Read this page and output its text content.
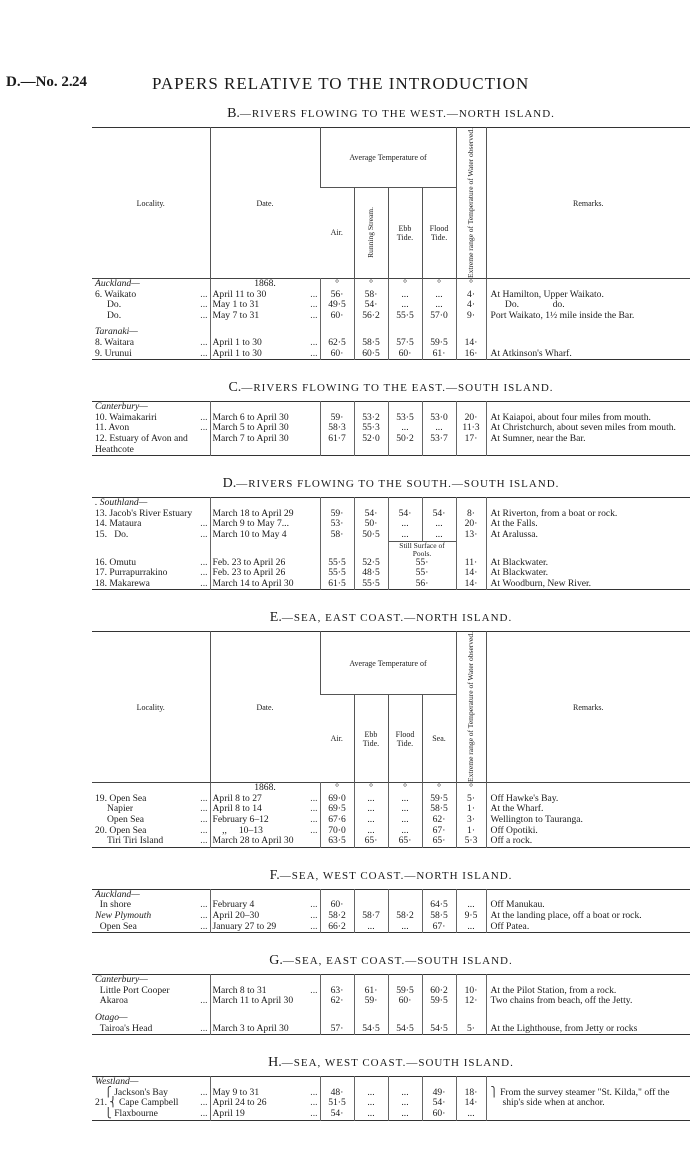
D.—No. 2. 24	PAPERS RELATIVE TO THE INTRODUCTION
B.—RIVERS FLOWING TO THE WEST.—NORTH ISLAND.
Locality.	Date.	Average Temperature of				Extreme range of Temperature of Water observed.	Remarks.
		Air.	Running Stream.	Ebb Tide.	Flood Tide.		

Auckland—	1868.	°	°	°	°	°	

6. Waikato ...	April 11 to 30 ...	56·	58·	...	...	4·	At Hamilton, Upper Waikato.

Do. ...	May 1 to 31 ...	49·5	54·	...	...	4·	Do.              do.

Do. ...	May 7 to 31 ...	60·	56·2	55·5	57·0	9·	Port Waikato, 1½ mile inside the Bar.

Taranaki—							

8. Waitara ...	April 1 to 30 ...	62·5	58·5	57·5	59·5	14·	

9. Urunui ...	April 1 to 30 ...	60·	60·5	60·	61·	16·	At Atkinson's Wharf.
C.—RIVERS FLOWING TO THE EAST.—SOUTH ISLAND.
Canterbury—							

10. Waimakariri ...	March 6 to April 30	59·	53·2	53·5	53·0	20·	At Kaiapoi, about four miles from mouth.

11. Avon ...	March 5 to April 30	58·3	55·3	...	...	11·3	At Christchurch, about seven miles from mouth.

12. Estuary of Avon and Heathcote	March 7 to April 30	61·7	52·0	50·2	53·7	17·	At Sumner, near the Bar.
D.—RIVERS FLOWING TO THE SOUTH.—SOUTH ISLAND.
. Southland—							

13. Jacob's River Estuary	March 18 to April 29	59·	54·	54·	54·	8·	At Riverton, from a boat or rock.

14. Mataura ...	March 9 to May 7...	53·	50·	...	...	20·	At the Falls.

15.   Do. ...	March 10 to May 4	58·	50·5	...	...	13·	At Aralussa.

				Still Surface of Pools.			

16. Omutu ...	Feb. 23 to April 26	55·5	52·5	55·		11·	At Blackwater.

17. Purrapurrakino ...	Feb. 23 to April 26	55·5	48·5	55·		14·	At Blackwater.

18. Makarewa ...	March 14 to April 30	61·5	55·5	56·		14·	At Woodburn, New River.
E.—SEA, EAST COAST.—NORTH ISLAND.
Locality.	Date.	Average Temperature of				Extreme range of Temperature of Water observed.	Remarks.
		Air.	Ebb Tide.	Flood Tide.	Sea.		

	1868.	°	°	°	°	°	

19. Open Sea ...	April 8 to 27 ...	69·0	...	...	59·5	5·	Off Hawke's Bay.

Napier ...	April 8 to 14 ...	69·5	...	...	58·5	1·	At the Wharf.

Open Sea ...	February 6–12 ...	67·6	...	...	62·	3·	Wellington to Tauranga.

20. Open Sea ...	,,     10–13 ...	70·0	...	...	67·	1·	Off Opotiki.

Tiri Tiri Island ...	March 28 to April 30	63·5	65·	65·	65·	5·3	Off a rock.
F.—SEA, WEST COAST.—NORTH ISLAND.
Auckland—							

In shore ...	February 4 ...	60·			64·5	...	Off Manukau.

New Plymouth ...	April 20–30 ...	58·2	58·7	58·2	58·5	9·5	At the landing place, off a boat or rock.

Open Sea ...	January 27 to 29 ...	66·2	...	...	67·	...	Off Patea.
G.—SEA, EAST COAST.—SOUTH ISLAND.
Canterbury—							

Little Port Cooper	March 8 to 31 ...	63·	61·	59·5	60·2	10·	At the Pilot Station, from a rock.

Akaroa ...	March 11 to April 30	62·	59·	60·	59·5	12·	Two chains from beach, off the Jetty.

Otago—							

Tairoa's Head ...	March 3 to April 30	57·	54·5	54·5	54·5	5·	At the Lighthouse, from Jetty or rocks
H.—SEA, WEST COAST.—SOUTH ISLAND.
Westland—							

⎧ Jackson's Bay ...	May 9 to 31 ...	48·	...	...	49·	18·	⎫ From the survey steamer "St. Kilda," off the ship's side when at anchor.

21. ⎨ Cape Campbell ...	April 24 to 26 ...	51·5	...	...	54·	14·	

⎩ Flaxbourne ...	April 19 ...	54·	...	...	60·	...	
